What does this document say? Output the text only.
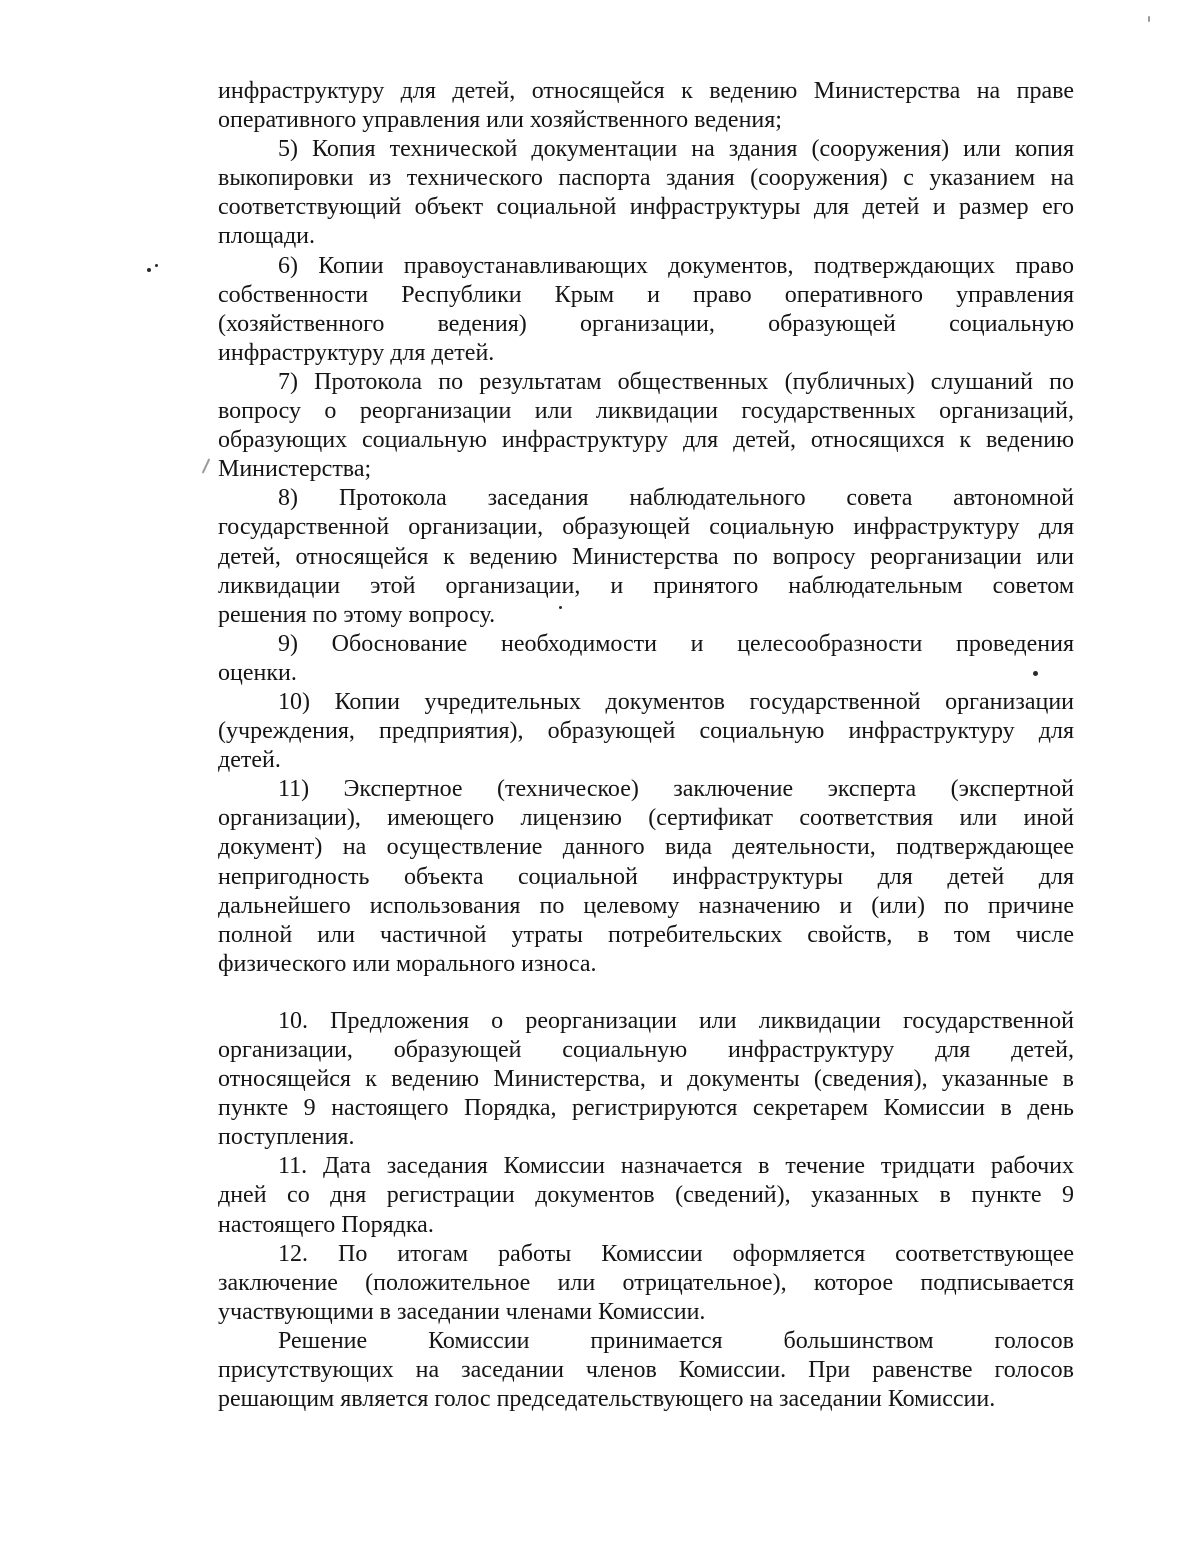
инфраструктуру для детей, относящейся к ведению Министерства на праве
оперативного управления или хозяйственного ведения;
5) Копия технической документации на здания (сооружения) или копия
выкопировки из технического паспорта здания (сооружения) с указанием на
соответствующий объект социальной инфраструктуры для детей и размер его
площади.
6) Копии правоустанавливающих документов, подтверждающих право
собственности Республики Крым и право оперативного управления
(хозяйственного ведения) организации, образующей социальную
инфраструктуру для детей.
7) Протокола по результатам общественных (публичных) слушаний по
вопросу о реорганизации или ликвидации государственных организаций,
образующих социальную инфраструктуру для детей, относящихся к ведению
Министерства;
8) Протокола заседания наблюдательного совета автономной
государственной организации, образующей социальную инфраструктуру для
детей, относящейся к ведению Министерства по вопросу реорганизации или
ликвидации этой организации, и принятого наблюдательным советом
решения по этому вопросу.
9) Обоснование необходимости и целесообразности проведения
оценки.
10) Копии учредительных документов государственной организации
(учреждения, предприятия), образующей социальную инфраструктуру для
детей.
11) Экспертное (техническое) заключение эксперта (экспертной
организации), имеющего лицензию (сертификат соответствия или иной
документ) на осуществление данного вида деятельности, подтверждающее
непригодность объекта социальной инфраструктуры для детей для
дальнейшего использования по целевому назначению и (или) по причине
полной или частичной утраты потребительских свойств, в том числе
физического или морального износа.
10. Предложения о реорганизации или ликвидации государственной
организации, образующей социальную инфраструктуру для детей,
относящейся к ведению Министерства, и документы (сведения), указанные в
пункте 9 настоящего Порядка, регистрируются секретарем Комиссии в день
поступления.
11. Дата заседания Комиссии назначается в течение тридцати рабочих
дней со дня регистрации документов (сведений), указанных в пункте 9
настоящего Порядка.
12. По итогам работы Комиссии оформляется соответствующее
заключение (положительное или отрицательное), которое подписывается
участвующими в заседании членами Комиссии.
Решение Комиссии принимается большинством голосов
присутствующих на заседании членов Комиссии. При равенстве голосов
решающим является голос председательствующего на заседании Комиссии.
